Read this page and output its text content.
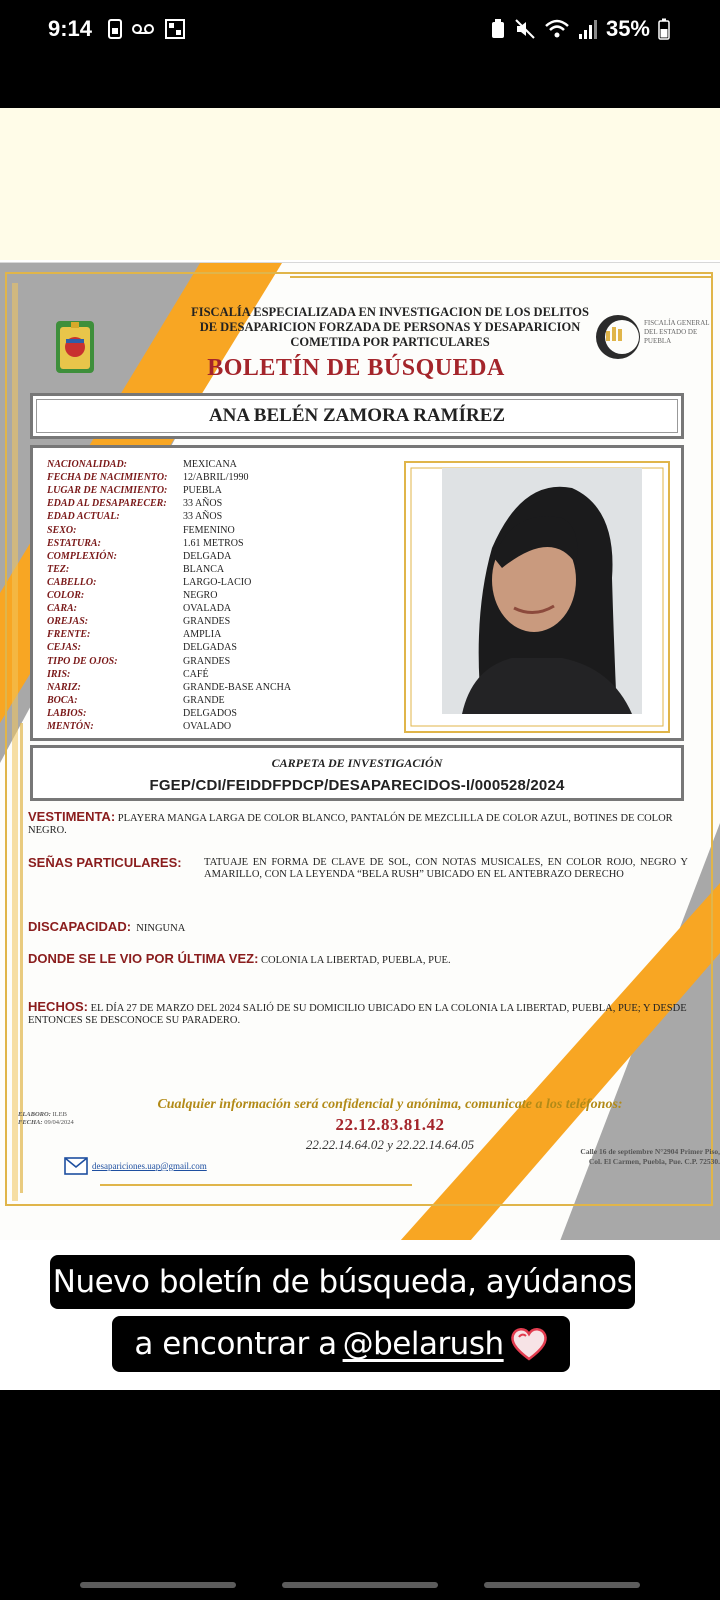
9:14	35%
FISCALÍA ESPECIALIZADA EN INVESTIGACION DE LOS DELITOS
DE DESAPARICION FORZADA DE PERSONAS Y DESAPARICION
COMETIDA POR PARTICULARES
BOLETÍN DE BÚSQUEDA
FISCALÍA GENERAL DEL ESTADO DE PUEBLA
ANA BELÉN ZAMORA RAMÍREZ
NACIONALIDAD:	MEXICANA
FECHA DE NACIMIENTO: 12/ABRIL/1990
LUGAR DE NACIMIENTO: PUEBLA
EDAD AL DESAPARECER: 33 AÑOS
EDAD ACTUAL:	33 AÑOS
SEXO:	FEMENINO
ESTATURA:	1.61 METROS
COMPLEXIÓN:	DELGADA
TEZ:	BLANCA
CABELLO:	LARGO-LACIO
COLOR:	NEGRO
CARA:	OVALADA
OREJAS:	GRANDES
FRENTE:	AMPLIA
CEJAS:	DELGADAS
TIPO DE OJOS:	GRANDES
IRIS:	CAFÉ
NARIZ:	GRANDE-BASE ANCHA
BOCA:	GRANDE
LABIOS:	DELGADOS
MENTÓN:	OVALADO
CARPETA DE INVESTIGACIÓN
FGEP/CDI/FEIDDFPDCP/DESAPARECIDOS-I/000528/2024
VESTIMENTA: PLAYERA MANGA LARGA DE COLOR BLANCO, PANTALÓN DE MEZCLILLA DE COLOR AZUL, BOTINES DE COLOR NEGRO.
SEÑAS PARTICULARES:	TATUAJE EN FORMA DE CLAVE DE SOL, CON NOTAS MUSICALES, EN COLOR ROJO, NEGRO Y AMARILLO, CON LA LEYENDA “BELA RUSH” UBICADO EN EL ANTEBRAZO DERECHO
DISCAPACIDAD: NINGUNA
DONDE SE LE VIO POR ÚLTIMA VEZ: COLONIA LA LIBERTAD, PUEBLA, PUE.
HECHOS: EL DÍA 27 DE MARZO DEL 2024 SALIÓ DE SU DOMICILIO UBICADO EN LA COLONIA LA LIBERTAD, PUEBLA, PUE; Y DESDE ENTONCES SE DESCONOCE SU PARADERO.
Cualquier información será confidencial y anónima, comunicate a los teléfonos:
22.12.83.81.42
22.22.14.64.02 y 22.22.14.64.05
ELABORO: ILEB
FECHA: 09/04/2024
Calle 16 de septiembre N°2904 Primer Piso,
Col. El Carmen, Puebla, Pue. C.P. 72530.
desapariciones.uap@gmail.com
Nuevo boletín de búsqueda, ayúdanos
a encontrar a @belarush
